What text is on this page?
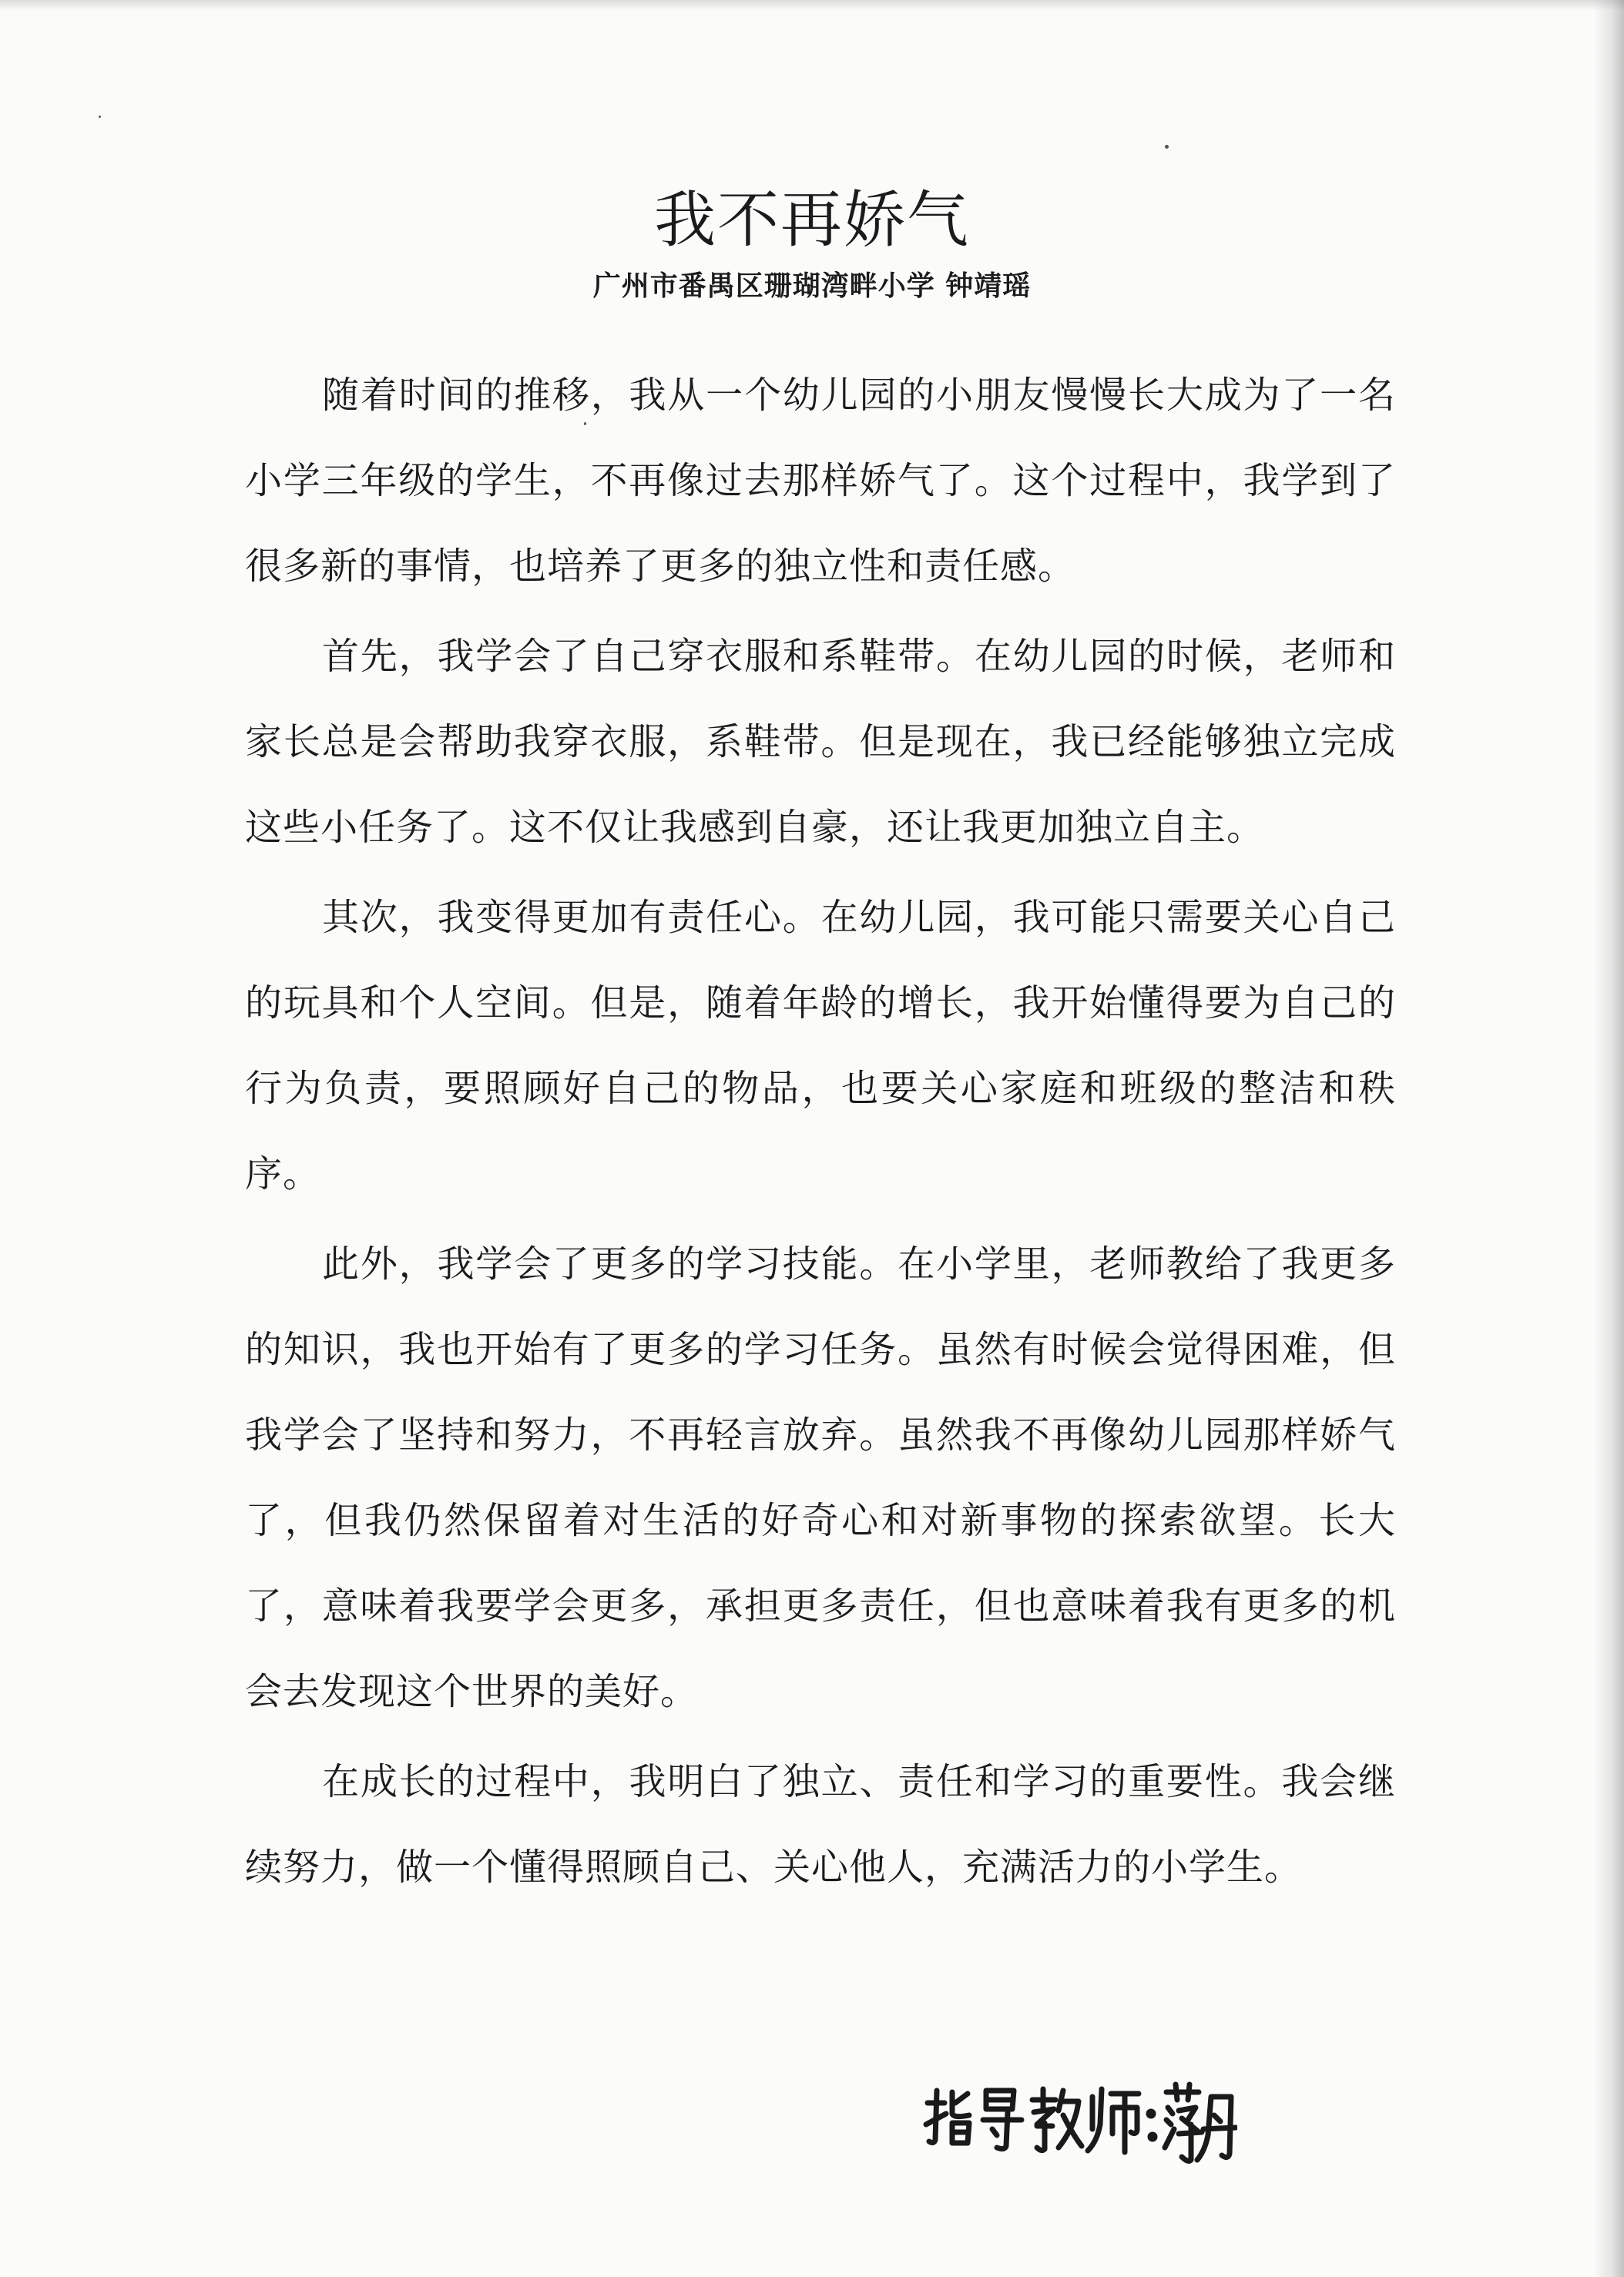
我不再娇气
广州市番禺区珊瑚湾畔小学 钟靖瑶

随着时间的推移，我从一个幼儿园的小朋友慢慢长大成为了一名小学三年级的学生，不再像过去那样娇气了。这个过程中，我学到了很多新的事情，也培养了更多的独立性和责任感。

首先，我学会了自己穿衣服和系鞋带。在幼儿园的时候，老师和家长总是会帮助我穿衣服，系鞋带。但是现在，我已经能够独立完成这些小任务了。这不仅让我感到自豪，还让我更加独立自主。

其次，我变得更加有责任心。在幼儿园，我可能只需要关心自己的玩具和个人空间。但是，随着年龄的增长，我开始懂得要为自己的行为负责，要照顾好自己的物品，也要关心家庭和班级的整洁和秩序。

此外，我学会了更多的学习技能。在小学里，老师教给了我更多的知识，我也开始有了更多的学习任务。虽然有时候会觉得困难，但我学会了坚持和努力，不再轻言放弃。虽然我不再像幼儿园那样娇气了，但我仍然保留着对生活的好奇心和对新事物的探索欲望。长大了，意味着我要学会更多，承担更多责任，但也意味着我有更多的机会去发现这个世界的美好。

在成长的过程中，我明白了独立、责任和学习的重要性。我会继续努力，做一个懂得照顾自己、关心他人，充满活力的小学生。
